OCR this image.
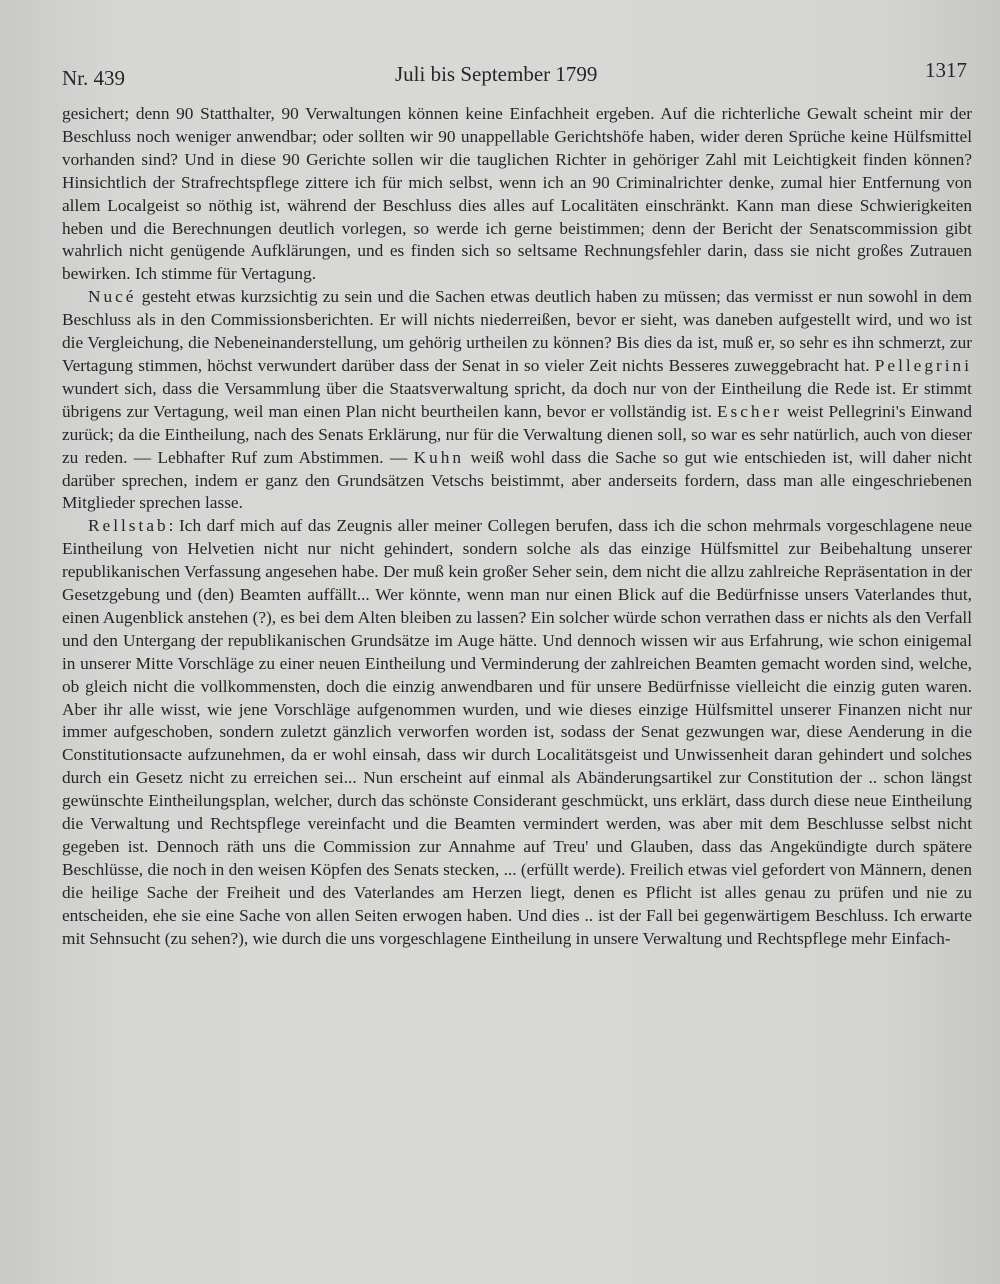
Nr. 439	Juli bis September 1799	1317

gesichert; denn 90 Statthalter, 90 Verwaltungen können keine Einfachheit ergeben. Auf die richterliche Gewalt scheint mir der Beschluss noch weniger anwendbar; oder sollten wir 90 unappellable Gerichtshöfe haben, wider deren Sprüche keine Hülfsmittel vorhanden sind? Und in diese 90 Gerichte sollen wir die tauglichen Richter in gehöriger Zahl mit Leichtigkeit finden können? Hinsichtlich der Strafrechtspflege zittere ich für mich selbst, wenn ich an 90 Criminalrichter denke, zumal hier Entfernung von allem Localgeist so nöthig ist, während der Beschluss dies alles auf Localitäten einschränkt. Kann man diese Schwierigkeiten heben und die Berechnungen deutlich vorlegen, so werde ich gerne beistimmen; denn der Bericht der Senatscommission gibt wahrlich nicht genügende Aufklärungen, und es finden sich so seltsame Rechnungsfehler darin, dass sie nicht großes Zutrauen bewirken. Ich stimme für Vertagung.

Nucé gesteht etwas kurzsichtig zu sein und die Sachen etwas deutlich haben zu müssen; das vermisst er nun sowohl in dem Beschluss als in den Commissionsberichten. Er will nichts niederreißen, bevor er sieht, was daneben aufgestellt wird, und wo ist die Vergleichung, die Nebeneinanderstellung, um gehörig urtheilen zu können? Bis dies da ist, muß er, so sehr es ihn schmerzt, zur Vertagung stimmen, höchst verwundert darüber dass der Senat in so vieler Zeit nichts Besseres zuweggebracht hat. Pellegrini wundert sich, dass die Versammlung über die Staatsverwaltung spricht, da doch nur von der Eintheilung die Rede ist. Er stimmt übrigens zur Vertagung, weil man einen Plan nicht beurtheilen kann, bevor er vollständig ist. Escher weist Pellegrini's Einwand zurück; da die Eintheilung, nach des Senats Erklärung, nur für die Verwaltung dienen soll, so war es sehr natürlich, auch von dieser zu reden. — Lebhafter Ruf zum Abstimmen. — Kuhn weiß wohl dass die Sache so gut wie entschieden ist, will daher nicht darüber sprechen, indem er ganz den Grundsätzen Vetschs beistimmt, aber anderseits fordern, dass man alle eingeschriebenen Mitglieder sprechen lasse.

Rellstab: Ich darf mich auf das Zeugnis aller meiner Collegen berufen, dass ich die schon mehrmals vorgeschlagene neue Eintheilung von Helvetien nicht nur nicht gehindert, sondern solche als das einzige Hülfsmittel zur Beibehaltung unserer republikanischen Verfassung angesehen habe. Der muß kein großer Seher sein, dem nicht die allzu zahlreiche Repräsentation in der Gesetzgebung und (den) Beamten auffällt... Wer könnte, wenn man nur einen Blick auf die Bedürfnisse unsers Vaterlandes thut, einen Augenblick anstehen (?), es bei dem Alten bleiben zu lassen? Ein solcher würde schon verrathen dass er nichts als den Verfall und den Untergang der republikanischen Grundsätze im Auge hätte. Und dennoch wissen wir aus Erfahrung, wie schon einigemal in unserer Mitte Vorschläge zu einer neuen Eintheilung und Verminderung der zahlreichen Beamten gemacht worden sind, welche, ob gleich nicht die vollkommensten, doch die einzig anwendbaren und für unsere Bedürfnisse vielleicht die einzig guten waren. Aber ihr alle wisst, wie jene Vorschläge aufgenommen wurden, und wie dieses einzige Hülfsmittel unserer Finanzen nicht nur immer aufgeschoben, sondern zuletzt gänzlich verworfen worden ist, sodass der Senat gezwungen war, diese Aenderung in die Constitutionsacte aufzunehmen, da er wohl einsah, dass wir durch Localitätsgeist und Unwissenheit daran gehindert und solches durch ein Gesetz nicht zu erreichen sei... Nun erscheint auf einmal als Abänderungsartikel zur Constitution der .. schon längst gewünschte Eintheilungsplan, welcher, durch das schönste Considerant geschmückt, uns erklärt, dass durch diese neue Eintheilung die Verwaltung und Rechtspflege vereinfacht und die Beamten vermindert werden, was aber mit dem Beschlusse selbst nicht gegeben ist. Dennoch räth uns die Commission zur Annahme auf Treu' und Glauben, dass das Angekündigte durch spätere Beschlüsse, die noch in den weisen Köpfen des Senats stecken, ... (erfüllt werde). Freilich etwas viel gefordert von Männern, denen die heilige Sache der Freiheit und des Vaterlandes am Herzen liegt, denen es Pflicht ist alles genau zu prüfen und nie zu entscheiden, ehe sie eine Sache von allen Seiten erwogen haben. Und dies .. ist der Fall bei gegenwärtigem Beschluss. Ich erwarte mit Sehnsucht (zu sehen?), wie durch die uns vorgeschlagene Eintheilung in unsere Verwaltung und Rechtspflege mehr Einfach-
